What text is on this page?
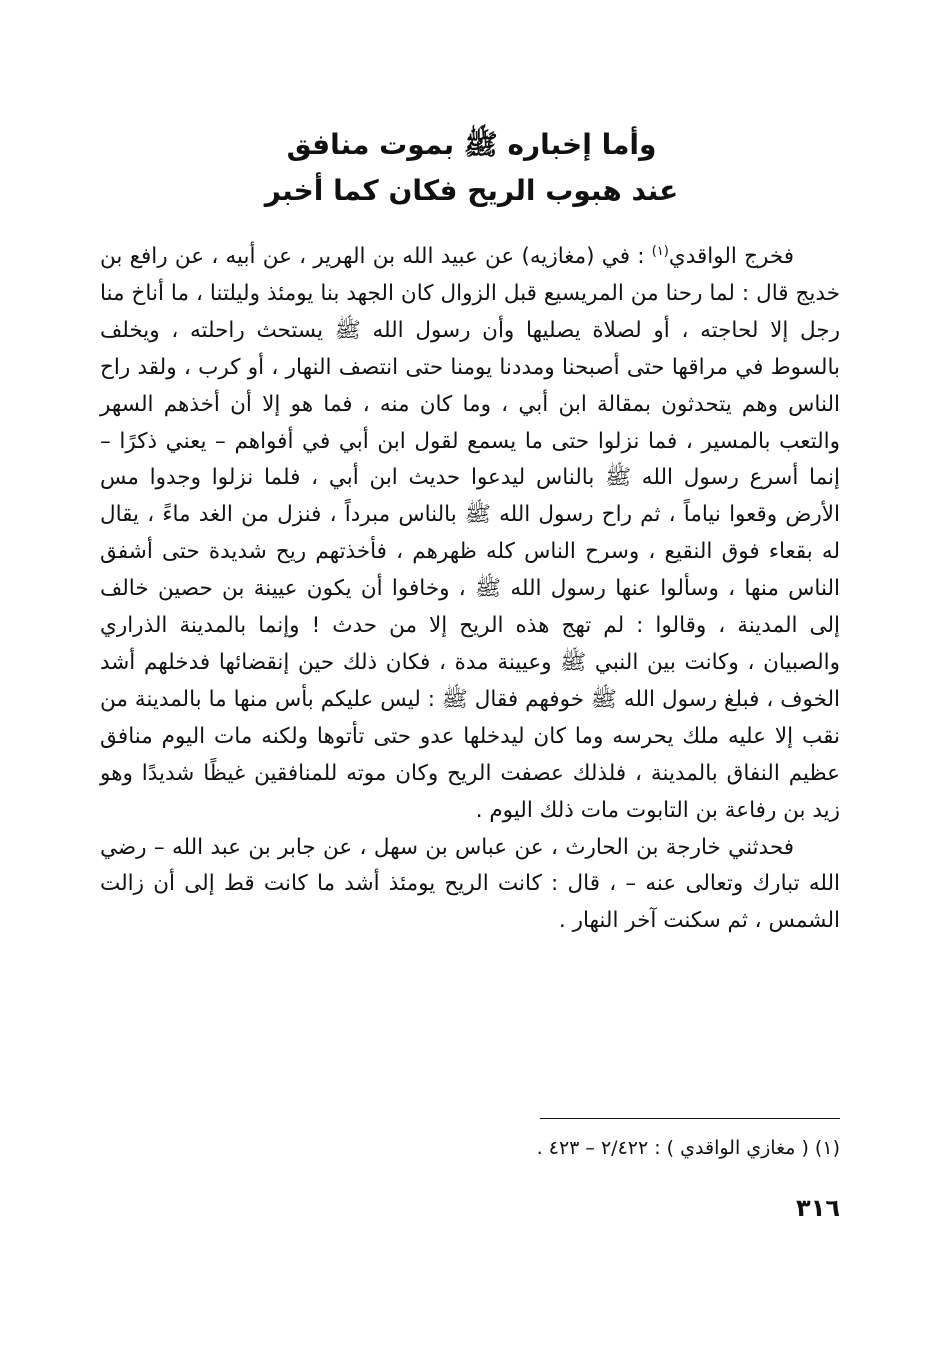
وأما إخباره ﷺ بموت منافق
عند هبوب الريح فكان كما أخبر

فخرج الواقدي$^{(١)}$ : في (مغازيه) عن عبيد الله بن الهرير ، عن أبيه ، عن رافع بن خديج قال : لما رحنا من المريسيع قبل الزوال كان الجهد بنا يومئذ وليلتنا ، ما أناخ منا رجل إلا لحاجته ، أو لصلاة يصليها وأن رسول الله ﷺ يستحث راحلته ، ويخلف بالسوط في مراقها حتى أصبحنا ومددنا يومنا حتى انتصف النهار ، أو كرب ، ولقد راح الناس وهم يتحدثون بمقالة ابن أبي ، وما كان منه ، فما هو إلا أن أخذهم السهر والتعب بالمسير ، فما نزلوا حتى ما يسمع لقول ابن أبي في أفواهم – يعني ذكرًا – إنما أسرع رسول الله ﷺ بالناس ليدعوا حديث ابن أبي ، فلما نزلوا وجدوا مس الأرض وقعوا نياماً ، ثم راح رسول الله ﷺ بالناس مبرداً ، فنزل من الغد ماءً ، يقال له بقعاء فوق النقيع ، وسرح الناس كله ظهرهم ، فأخذتهم ريح شديدة حتى أشفق الناس منها ، وسألوا عنها رسول الله ﷺ ، وخافوا أن يكون عيينة بن حصين خالف إلى المدينة ، وقالوا : لم تهج هذه الريح إلا من حدث ! وإنما بالمدينة الذراري والصبيان ، وكانت بين النبي ﷺ وعيينة مدة ، فكان ذلك حين إنقضائها فدخلهم أشد الخوف ، فبلغ رسول الله ﷺ خوفهم فقال ﷺ : ليس عليكم بأس منها ما بالمدينة من نقب إلا عليه ملك يحرسه وما كان ليدخلها عدو حتى تأتوها ولكنه مات اليوم منافق عظيم النفاق بالمدينة ، فلذلك عصفت الريح وكان موته للمنافقين غيظًا شديدًا وهو زيد بن رفاعة بن التابوت مات ذلك اليوم .

فحدثني خارجة بن الحارث ، عن عباس بن سهل ، عن جابر بن عبد الله – رضي الله تبارك وتعالى عنه – ، قال : كانت الريح يومئذ أشد ما كانت قط إلى أن زالت الشمس ، ثم سكنت آخر النهار .

(١) ( مغازي الواقدي ) : ٢/٤٢٢ – ٤٢٣ .
٣١٦
